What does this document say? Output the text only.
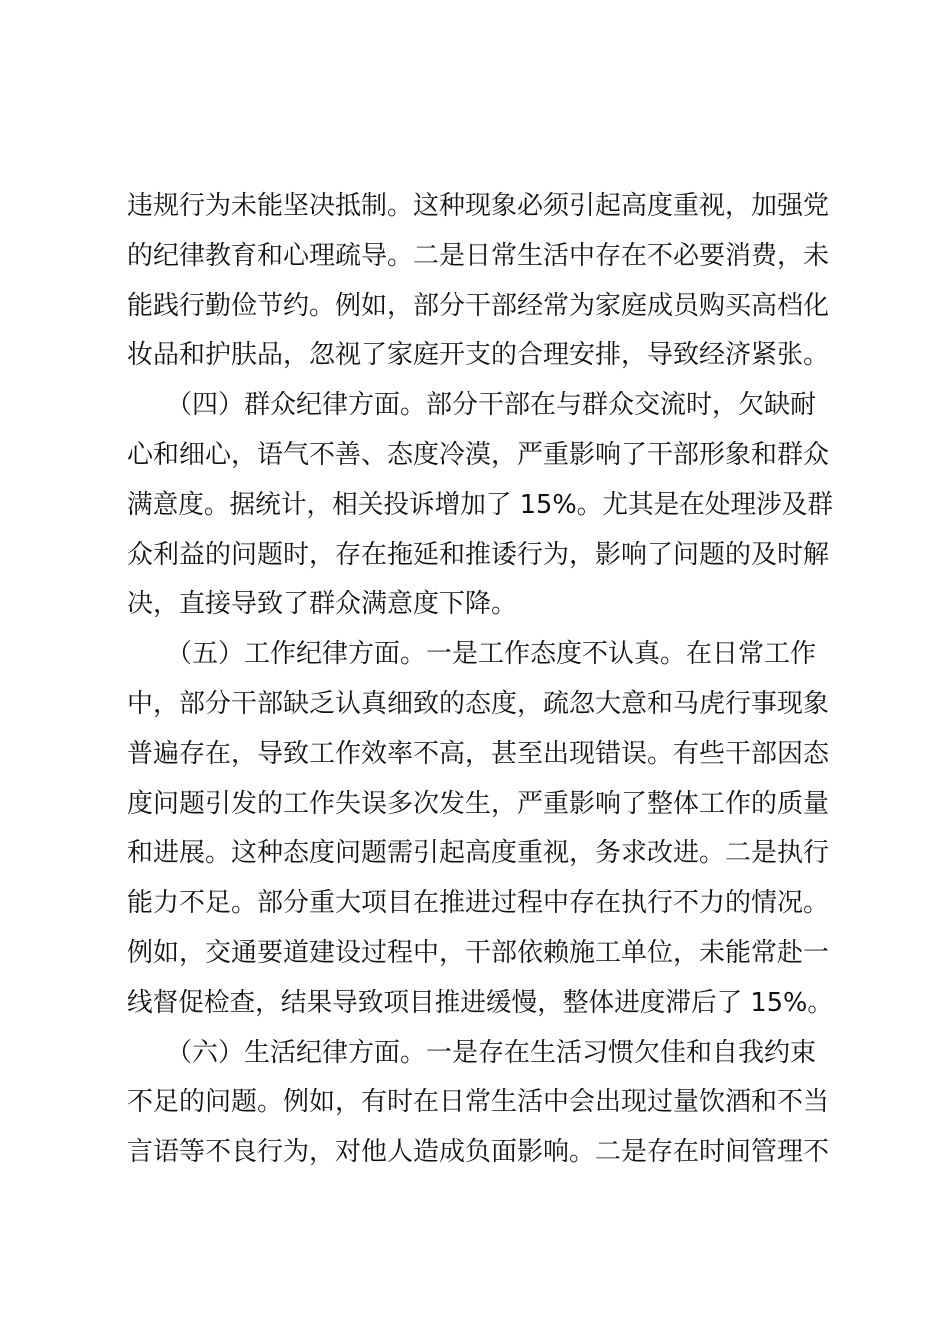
违规行为未能坚决抵制。这种现象必须引起高度重视，加强党
的纪律教育和心理疏导。二是日常生活中存在不必要消费，未
能践行勤俭节约。例如，部分干部经常为家庭成员购买高档化
妆品和护肤品，忽视了家庭开支的合理安排，导致经济紧张。
　　（四）群众纪律方面。部分干部在与群众交流时，欠缺耐
心和细心，语气不善、态度冷漠，严重影响了干部形象和群众
满意度。据统计，相关投诉增加了 15%。尤其是在处理涉及群
众利益的问题时，存在拖延和推诿行为，影响了问题的及时解
决，直接导致了群众满意度下降。
　　（五）工作纪律方面。一是工作态度不认真。在日常工作
中，部分干部缺乏认真细致的态度，疏忽大意和马虎行事现象
普遍存在，导致工作效率不高，甚至出现错误。有些干部因态
度问题引发的工作失误多次发生，严重影响了整体工作的质量
和进展。这种态度问题需引起高度重视，务求改进。二是执行
能力不足。部分重大项目在推进过程中存在执行不力的情况。
例如，交通要道建设过程中，干部依赖施工单位，未能常赴一
线督促检查，结果导致项目推进缓慢，整体进度滞后了 15%。
　　（六）生活纪律方面。一是存在生活习惯欠佳和自我约束
不足的问题。例如，有时在日常生活中会出现过量饮酒和不当
言语等不良行为，对他人造成负面影响。二是存在时间管理不
